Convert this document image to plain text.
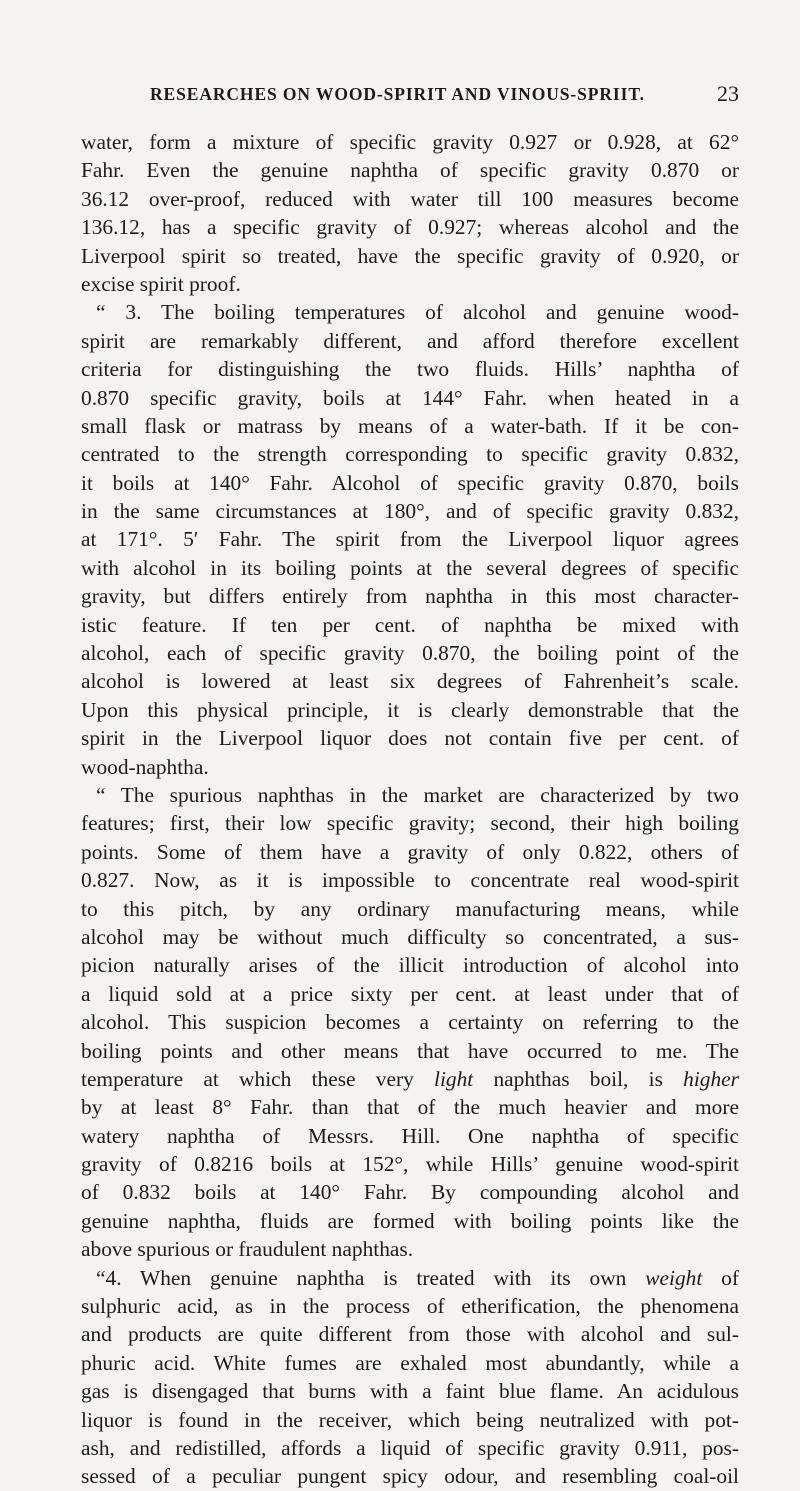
RESEARCHES ON WOOD-SPIRIT AND VINOUS-SPRIIT.	23
water, form a mixture of specific gravity 0.927 or 0.928, at 62°
Fahr. Even the genuine naphtha of specific gravity 0.870 or
36.12 over-proof, reduced with water till 100 measures become
136.12, has a specific gravity of 0.927; whereas alcohol and the
Liverpool spirit so treated, have the specific gravity of 0.920, or
excise spirit proof.
“ 3. The boiling temperatures of alcohol and genuine wood-
spirit are remarkably different, and afford therefore excellent
criteria for distinguishing the two fluids. Hills’ naphtha of
0.870 specific gravity, boils at 144° Fahr. when heated in a
small flask or matrass by means of a water-bath. If it be con-
centrated to the strength corresponding to specific gravity 0.832,
it boils at 140° Fahr. Alcohol of specific gravity 0.870, boils
in the same circumstances at 180°, and of specific gravity 0.832,
at 171°. 5′ Fahr. The spirit from the Liverpool liquor agrees
with alcohol in its boiling points at the several degrees of specific
gravity, but differs entirely from naphtha in this most character-
istic feature. If ten per cent. of naphtha be mixed with
alcohol, each of specific gravity 0.870, the boiling point of the
alcohol is lowered at least six degrees of Fahrenheit’s scale.
Upon this physical principle, it is clearly demonstrable that the
spirit in the Liverpool liquor does not contain five per cent. of
wood-naphtha.
“ The spurious naphthas in the market are characterized by two
features; first, their low specific gravity; second, their high boiling
points. Some of them have a gravity of only 0.822, others of
0.827. Now, as it is impossible to concentrate real wood-spirit
to this pitch, by any ordinary manufacturing means, while
alcohol may be without much difficulty so concentrated, a sus-
picion naturally arises of the illicit introduction of alcohol into
a liquid sold at a price sixty per cent. at least under that of
alcohol. This suspicion becomes a certainty on referring to the
boiling points and other means that have occurred to me. The
temperature at which these very light naphthas boil, is higher
by at least 8° Fahr. than that of the much heavier and more
watery naphtha of Messrs. Hill. One naphtha of specific
gravity of 0.8216 boils at 152°, while Hills’ genuine wood-spirit
of 0.832 boils at 140° Fahr. By compounding alcohol and
genuine naphtha, fluids are formed with boiling points like the
above spurious or fraudulent naphthas.
“4. When genuine naphtha is treated with its own weight of
sulphuric acid, as in the process of etherification, the phenomena
and products are quite different from those with alcohol and sul-
phuric acid. White fumes are exhaled most abundantly, while a
gas is disengaged that burns with a faint blue flame. An acidulous
liquor is found in the receiver, which being neutralized with pot-
ash, and redistilled, affords a liquid of specific gravity 0.911, pos-
sessed of a peculiar pungent spicy odour, and resembling coal-oil
